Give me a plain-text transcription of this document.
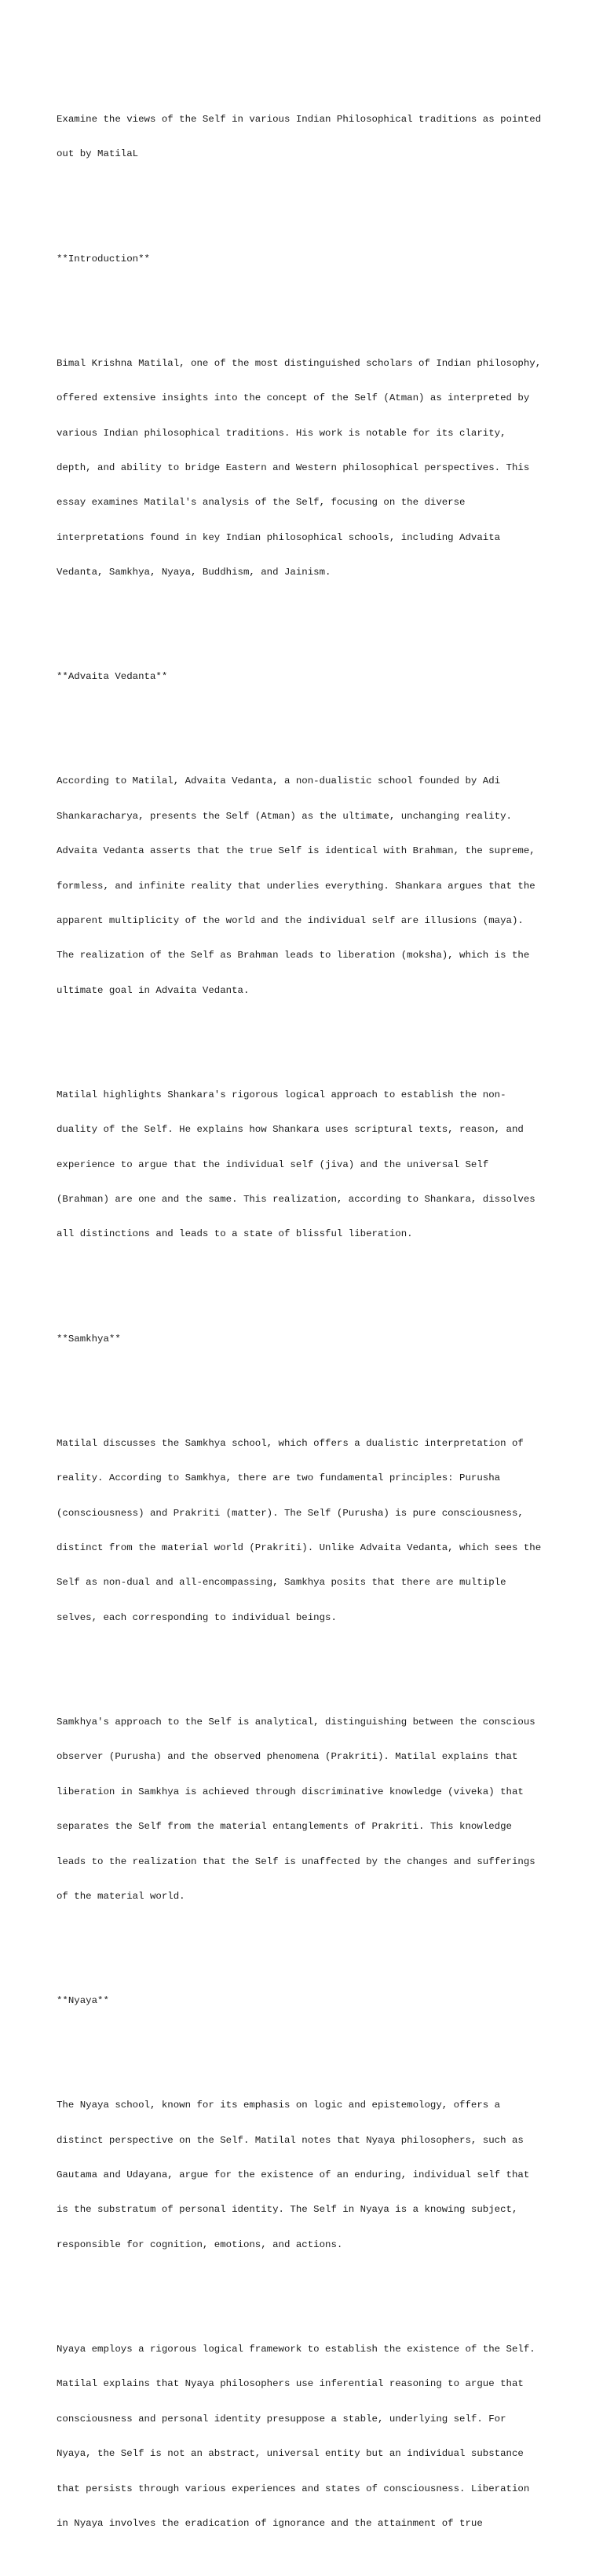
Examine the views of the Self in various Indian Philosophical traditions as pointed

out by MatilaL

**Introduction**

Bimal Krishna Matilal, one of the most distinguished scholars of Indian philosophy,

offered extensive insights into the concept of the Self (Atman) as interpreted by

various Indian philosophical traditions. His work is notable for its clarity,

depth, and ability to bridge Eastern and Western philosophical perspectives. This

essay examines Matilal's analysis of the Self, focusing on the diverse

interpretations found in key Indian philosophical schools, including Advaita

Vedanta, Samkhya, Nyaya, Buddhism, and Jainism.

**Advaita Vedanta**

According to Matilal, Advaita Vedanta, a non-dualistic school founded by Adi

Shankaracharya, presents the Self (Atman) as the ultimate, unchanging reality.

Advaita Vedanta asserts that the true Self is identical with Brahman, the supreme,

formless, and infinite reality that underlies everything. Shankara argues that the

apparent multiplicity of the world and the individual self are illusions (maya).

The realization of the Self as Brahman leads to liberation (moksha), which is the

ultimate goal in Advaita Vedanta.

Matilal highlights Shankara's rigorous logical approach to establish the non-

duality of the Self. He explains how Shankara uses scriptural texts, reason, and

experience to argue that the individual self (jiva) and the universal Self

(Brahman) are one and the same. This realization, according to Shankara, dissolves

all distinctions and leads to a state of blissful liberation.

**Samkhya**

Matilal discusses the Samkhya school, which offers a dualistic interpretation of

reality. According to Samkhya, there are two fundamental principles: Purusha

(consciousness) and Prakriti (matter). The Self (Purusha) is pure consciousness,

distinct from the material world (Prakriti). Unlike Advaita Vedanta, which sees the

Self as non-dual and all-encompassing, Samkhya posits that there are multiple

selves, each corresponding to individual beings.

Samkhya's approach to the Self is analytical, distinguishing between the conscious

observer (Purusha) and the observed phenomena (Prakriti). Matilal explains that

liberation in Samkhya is achieved through discriminative knowledge (viveka) that

separates the Self from the material entanglements of Prakriti. This knowledge

leads to the realization that the Self is unaffected by the changes and sufferings

of the material world.

**Nyaya**

The Nyaya school, known for its emphasis on logic and epistemology, offers a

distinct perspective on the Self. Matilal notes that Nyaya philosophers, such as

Gautama and Udayana, argue for the existence of an enduring, individual self that

is the substratum of personal identity. The Self in Nyaya is a knowing subject,

responsible for cognition, emotions, and actions.

Nyaya employs a rigorous logical framework to establish the existence of the Self.

Matilal explains that Nyaya philosophers use inferential reasoning to argue that

consciousness and personal identity presuppose a stable, underlying self. For

Nyaya, the Self is not an abstract, universal entity but an individual substance

that persists through various experiences and states of consciousness. Liberation

in Nyaya involves the eradication of ignorance and the attainment of true
